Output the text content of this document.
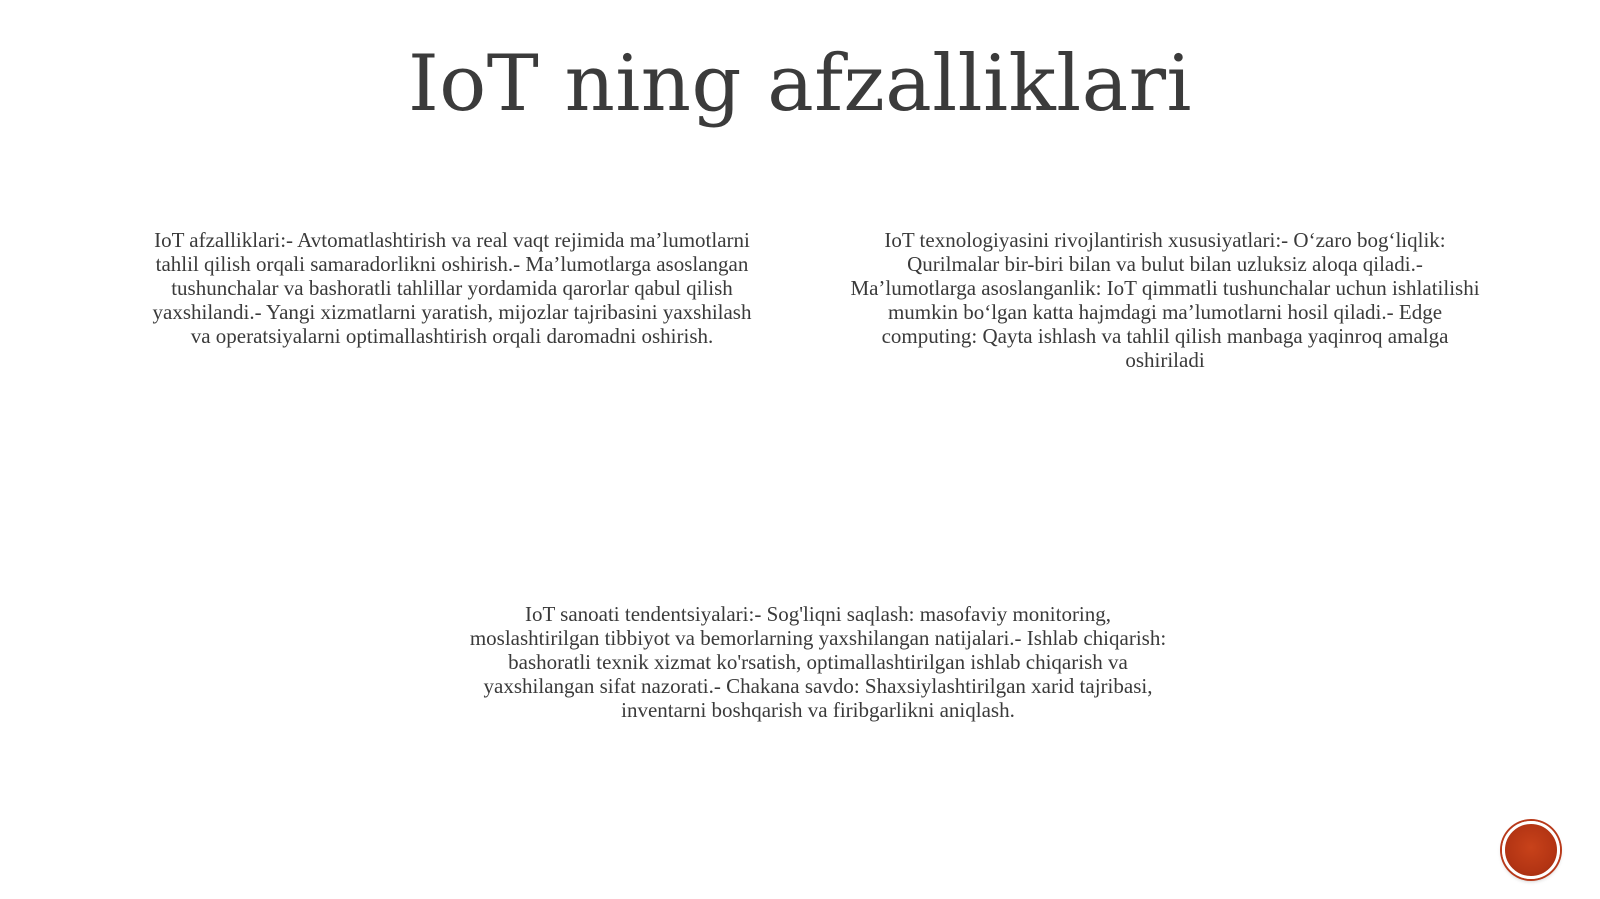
IoT ning afzalliklari

IoT afzalliklari:- Avtomatlashtirish va real vaqt rejimida ma’lumotlarni tahlil qilish orqali samaradorlikni oshirish.- Ma’lumotlarga asoslangan tushunchalar va bashoratli tahlillar yordamida qarorlar qabul qilish yaxshilandi.- Yangi xizmatlarni yaratish, mijozlar tajribasini yaxshilash va operatsiyalarni optimallashtirish orqali daromadni oshirish.

IoT texnologiyasini rivojlantirish xususiyatlari:- O‘zaro bog‘liqlik: Qurilmalar bir-biri bilan va bulut bilan uzluksiz aloqa qiladi.- Ma’lumotlarga asoslanganlik: IoT qimmatli tushunchalar uchun ishlatilishi mumkin bo‘lgan katta hajmdagi ma’lumotlarni hosil qiladi.- Edge computing: Qayta ishlash va tahlil qilish manbaga yaqinroq amalga oshiriladi

IoT sanoati tendentsiyalari:- Sog'liqni saqlash: masofaviy monitoring, moslashtirilgan tibbiyot va bemorlarning yaxshilangan natijalari.- Ishlab chiqarish: bashoratli texnik xizmat ko'rsatish, optimallashtirilgan ishlab chiqarish va yaxshilangan sifat nazorati.- Chakana savdo: Shaxsiylashtirilgan xarid tajribasi, inventarni boshqarish va firibgarlikni aniqlash.
